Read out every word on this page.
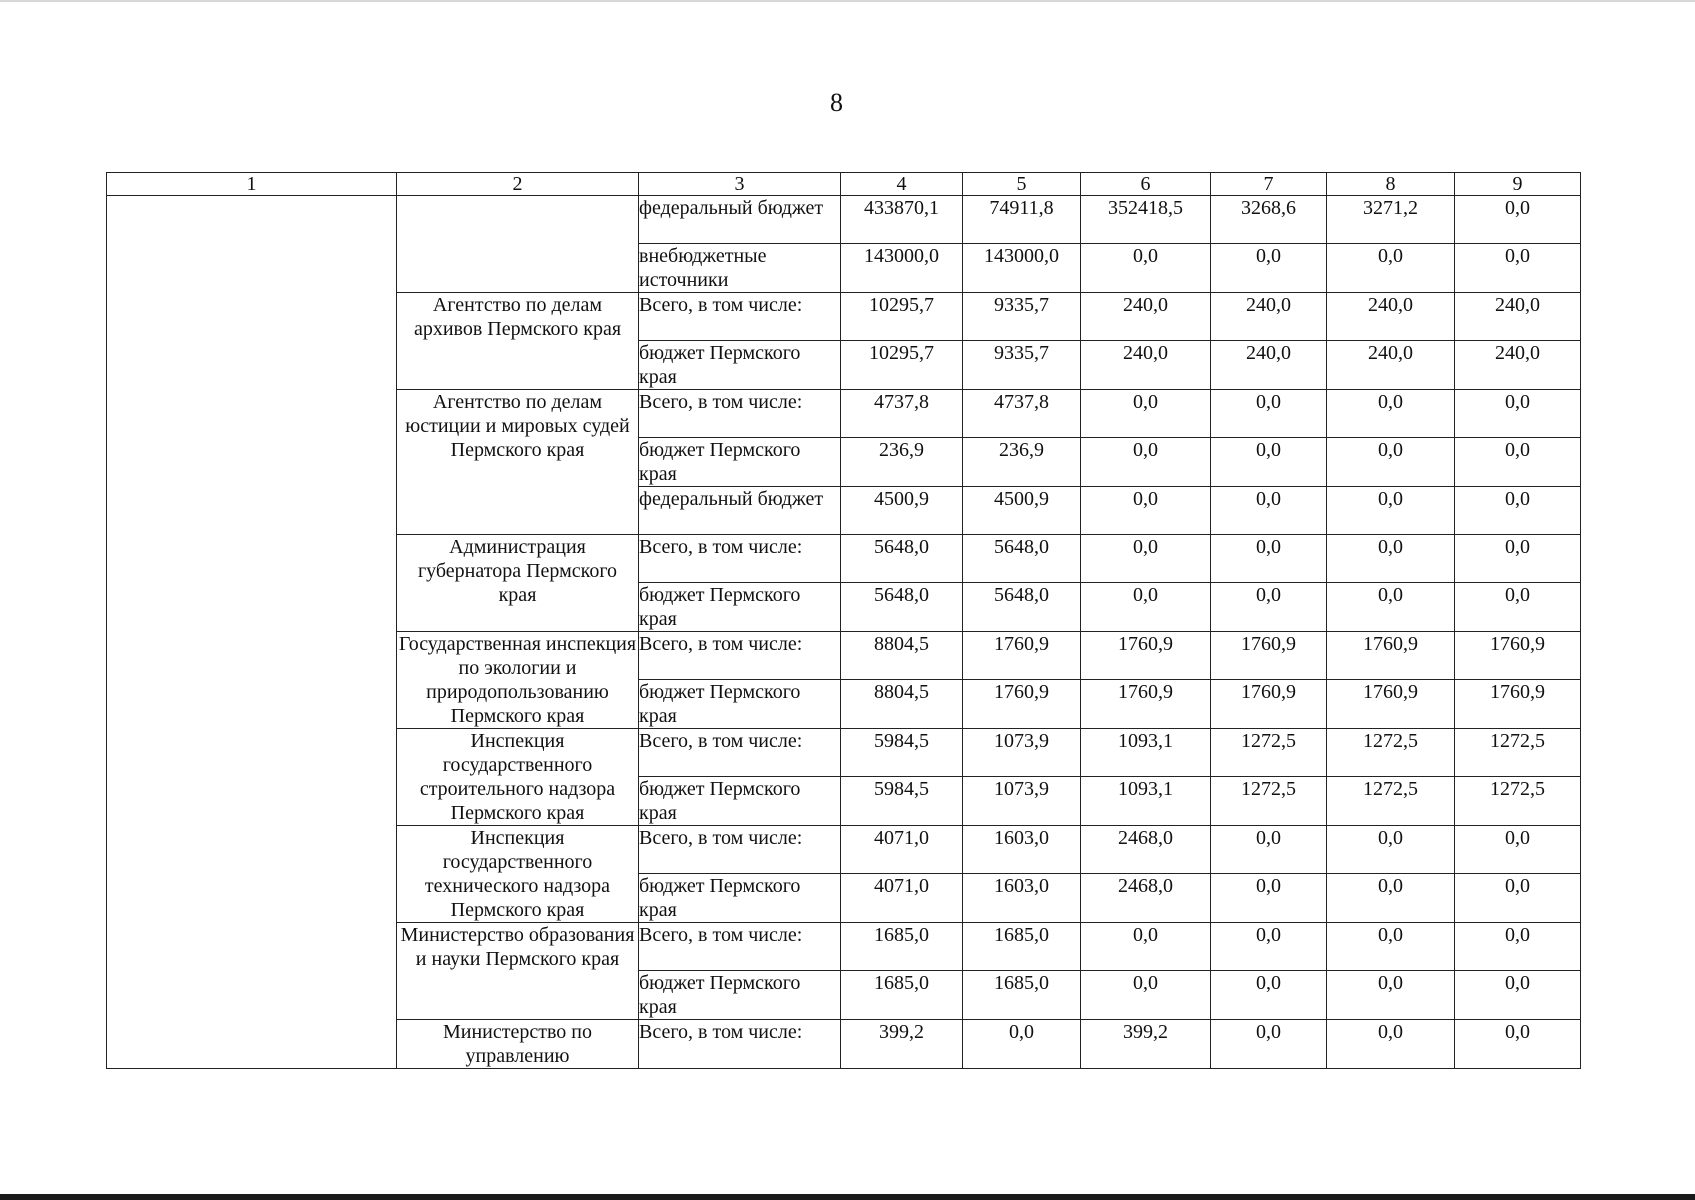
8
1	2	3	4	5	6	7	8	9
		федеральный бюджет	433870,1	74911,8	352418,5	3268,6	3271,2	0,0
		внебюджетные источники	143000,0	143000,0	0,0	0,0	0,0	0,0
	Агентство по делам архивов Пермского края	Всего, в том числе:	10295,7	9335,7	240,0	240,0	240,0	240,0
		бюджет Пермского края	10295,7	9335,7	240,0	240,0	240,0	240,0
	Агентство по делам юстиции и мировых судей Пермского края	Всего, в том числе:	4737,8	4737,8	0,0	0,0	0,0	0,0
		бюджет Пермского края	236,9	236,9	0,0	0,0	0,0	0,0
		федеральный бюджет	4500,9	4500,9	0,0	0,0	0,0	0,0
	Администрация губернатора Пермского края	Всего, в том числе:	5648,0	5648,0	0,0	0,0	0,0	0,0
		бюджет Пермского края	5648,0	5648,0	0,0	0,0	0,0	0,0
	Государственная инспекция по экологии и природопользованию Пермского края	Всего, в том числе:	8804,5	1760,9	1760,9	1760,9	1760,9	1760,9
		бюджет Пермского края	8804,5	1760,9	1760,9	1760,9	1760,9	1760,9
	Инспекция государственного строительного надзора Пермского края	Всего, в том числе:	5984,5	1073,9	1093,1	1272,5	1272,5	1272,5
		бюджет Пермского края	5984,5	1073,9	1093,1	1272,5	1272,5	1272,5
	Инспекция государственного технического надзора Пермского края	Всего, в том числе:	4071,0	1603,0	2468,0	0,0	0,0	0,0
		бюджет Пермского края	4071,0	1603,0	2468,0	0,0	0,0	0,0
	Министерство образования и науки Пермского края	Всего, в том числе:	1685,0	1685,0	0,0	0,0	0,0	0,0
		бюджет Пермского края	1685,0	1685,0	0,0	0,0	0,0	0,0
	Министерство по управлению	Всего, в том числе:	399,2	0,0	399,2	0,0	0,0	0,0
